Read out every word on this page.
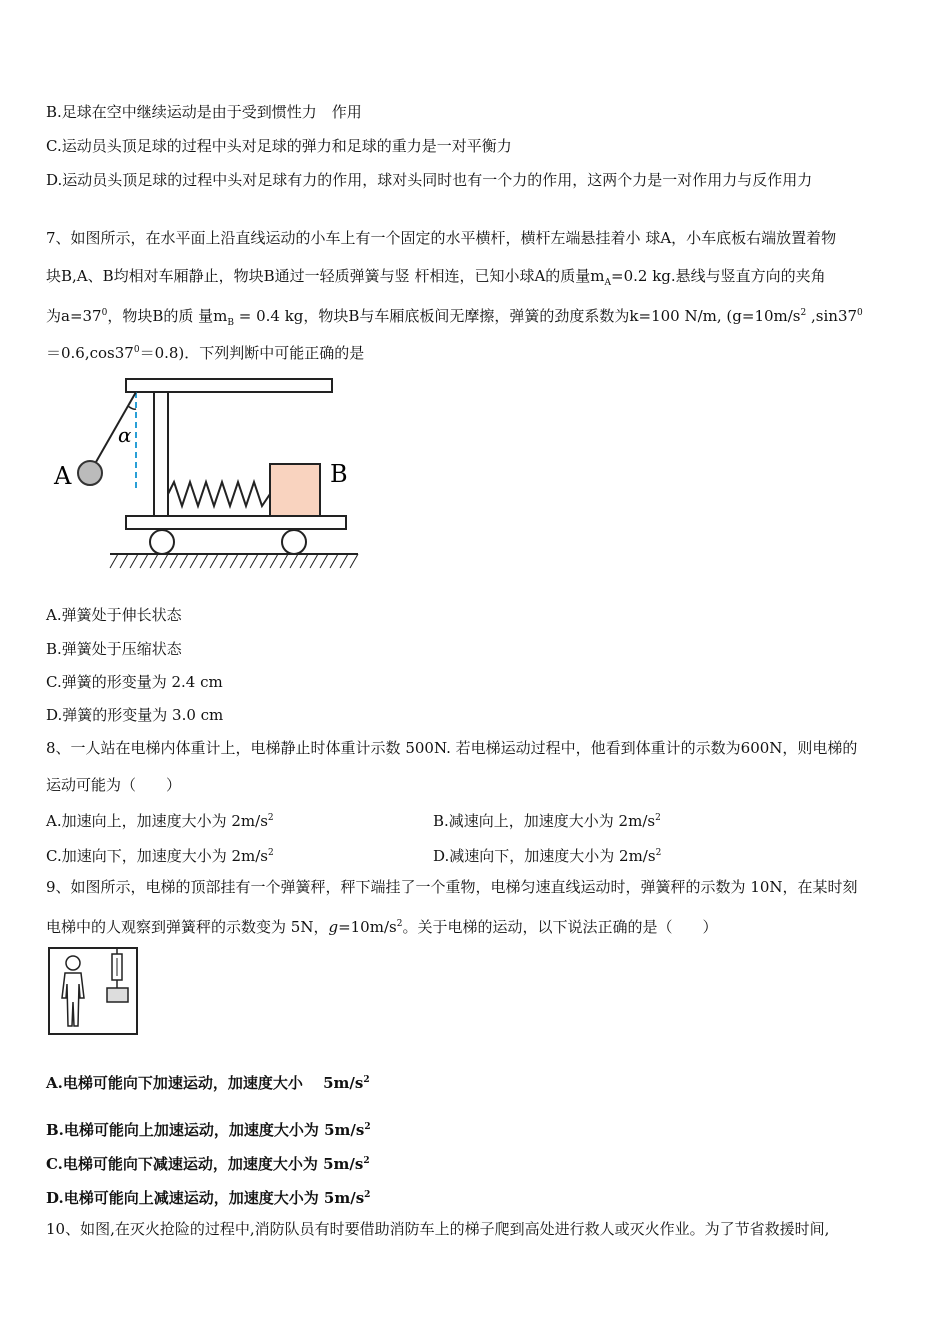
B.足球在空中继续运动是由于受到惯性力　作用
C.运动员头顶足球的过程中头对足球的弹力和足球的重力是一对平衡力
D.运动员头顶足球的过程中头对足球有力的作用，球对头同时也有一个力的作用，这两个力是一对作用力与反作用力
7、如图所示，在水平面上沿直线运动的小车上有一个固定的水平横杆，横杆左端悬挂着小 球A，小车底板右端放置着物
块B,A、B均相对车厢静止，物块B通过一轻质弹簧与竖 杆相连，已知小球A的质量$m_A=0.2$ kg.悬线与竖直方向的夹角
为$a=37^0$，物块B的质 量$m_B = 0.4$ kg，物块B与车厢底板间无摩擦，弹簧的劲度系数为k=100 N/m, ($g=10m/s^2$ $,\sin 37^0$
$=0.6,\cos 37^0=0.8$)．下列判断中可能正确的是
α
A	B
A.弹簧处于伸长状态
B.弹簧处于压缩状态
C.弹簧的形变量为 2.4 cm
D.弹簧的形变量为 3.0 cm
8、一人站在电梯内体重计上，电梯静止时体重计示数 500N. 若电梯运动过程中，他看到体重计的示数为600N，则电梯的
运动可能为（　　）
A.加速向上，加速度大小为 $2m/s^2$	B.减速向上，加速度大小为 $2m/s^2$
C.加速向下，加速度大小为 $2m/s^2$	D.减速向下，加速度大小为 $2m/s^2$
9、如图所示，电梯的顶部挂有一个弹簧秤，秤下端挂了一个重物，电梯匀速直线运动时，弹簧秤的示数为 10N，在某时刻
电梯中的人观察到弹簧秤的示数变为 5N，$g=10m/s^2$。关于电梯的运动，以下说法正确的是（　　）
A.电梯可能向下加速运动，加速度大小　 $5m/s^2$
B.电梯可能向上加速运动，加速度大小为 $5m/s^2$
C.电梯可能向下减速运动，加速度大小为 $5m/s^2$
D.电梯可能向上减速运动，加速度大小为 $5m/s^2$
10、如图,在灭火抢险的过程中,消防队员有时要借助消防车上的梯子爬到高处进行救人或灭火作业。为了节省救援时间,
